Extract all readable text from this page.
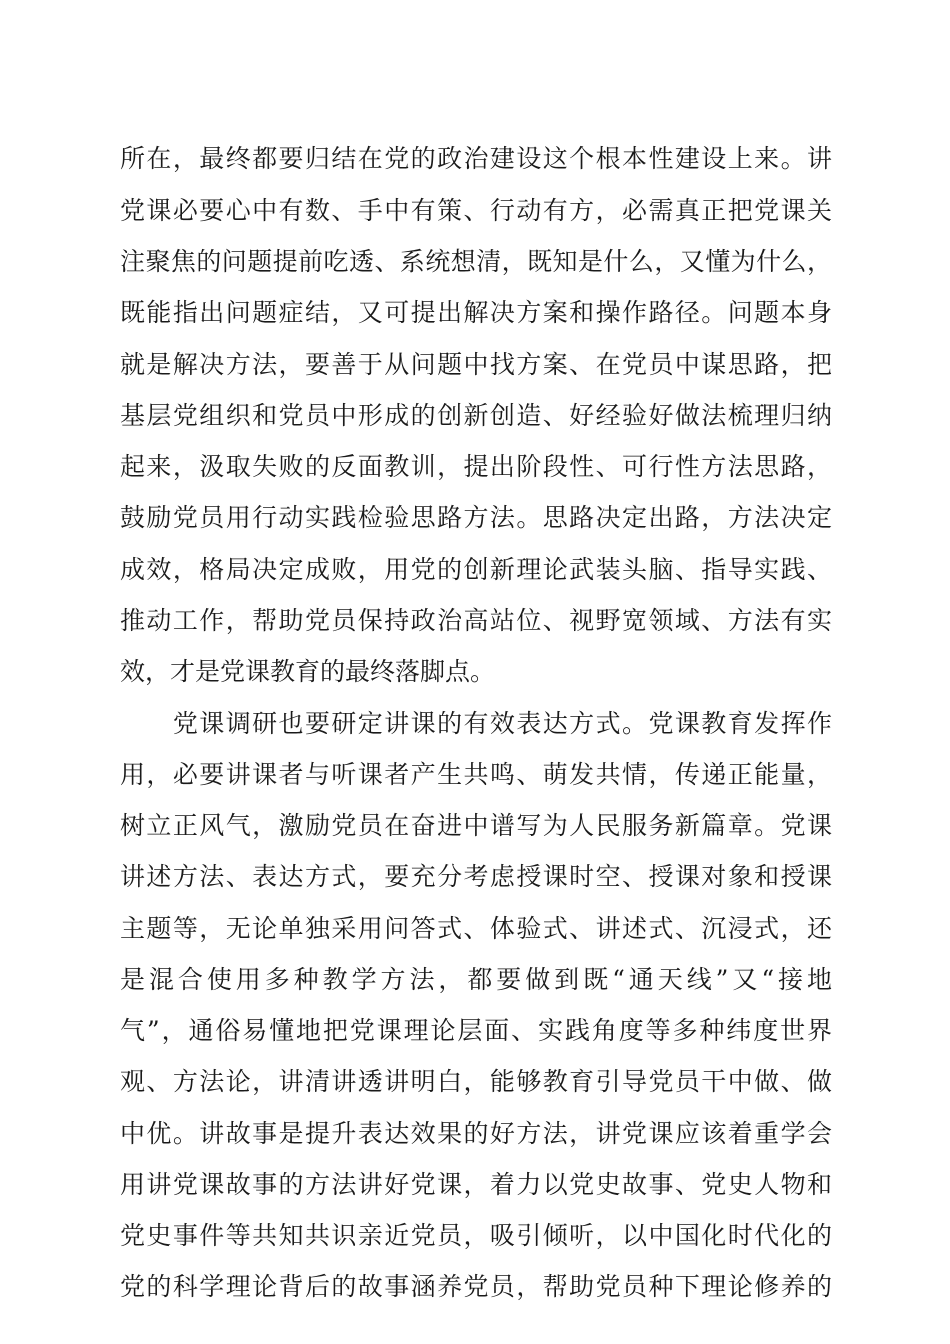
所在，最终都要归结在党的政治建设这个根本性建设上来。讲
党课必要心中有数、手中有策、行动有方，必需真正把党课关
注聚焦的问题提前吃透、系统想清，既知是什么，又懂为什么，
既能指出问题症结，又可提出解决方案和操作路径。问题本身
就是解决方法，要善于从问题中找方案、在党员中谋思路，把
基层党组织和党员中形成的创新创造、好经验好做法梳理归纳
起来，汲取失败的反面教训，提出阶段性、可行性方法思路，
鼓励党员用行动实践检验思路方法。思路决定出路，方法决定
成效，格局决定成败，用党的创新理论武装头脑、指导实践、
推动工作，帮助党员保持政治高站位、视野宽领域、方法有实
效，才是党课教育的最终落脚点。
　　党课调研也要研定讲课的有效表达方式。党课教育发挥作
用，必要讲课者与听课者产生共鸣、萌发共情，传递正能量，
树立正风气，激励党员在奋进中谱写为人民服务新篇章。党课
讲述方法、表达方式，要充分考虑授课时空、授课对象和授课
主题等，无论单独采用问答式、体验式、讲述式、沉浸式，还
是混合使用多种教学方法，都要做到既“通天线”又“接地
气”，通俗易懂地把党课理论层面、实践角度等多种纬度世界
观、方法论，讲清讲透讲明白，能够教育引导党员干中做、做
中优。讲故事是提升表达效果的好方法，讲党课应该着重学会
用讲党课故事的方法讲好党课，着力以党史故事、党史人物和
党史事件等共知共识亲近党员，吸引倾听，以中国化时代化的
党的科学理论背后的故事涵养党员，帮助党员种下理论修养的
